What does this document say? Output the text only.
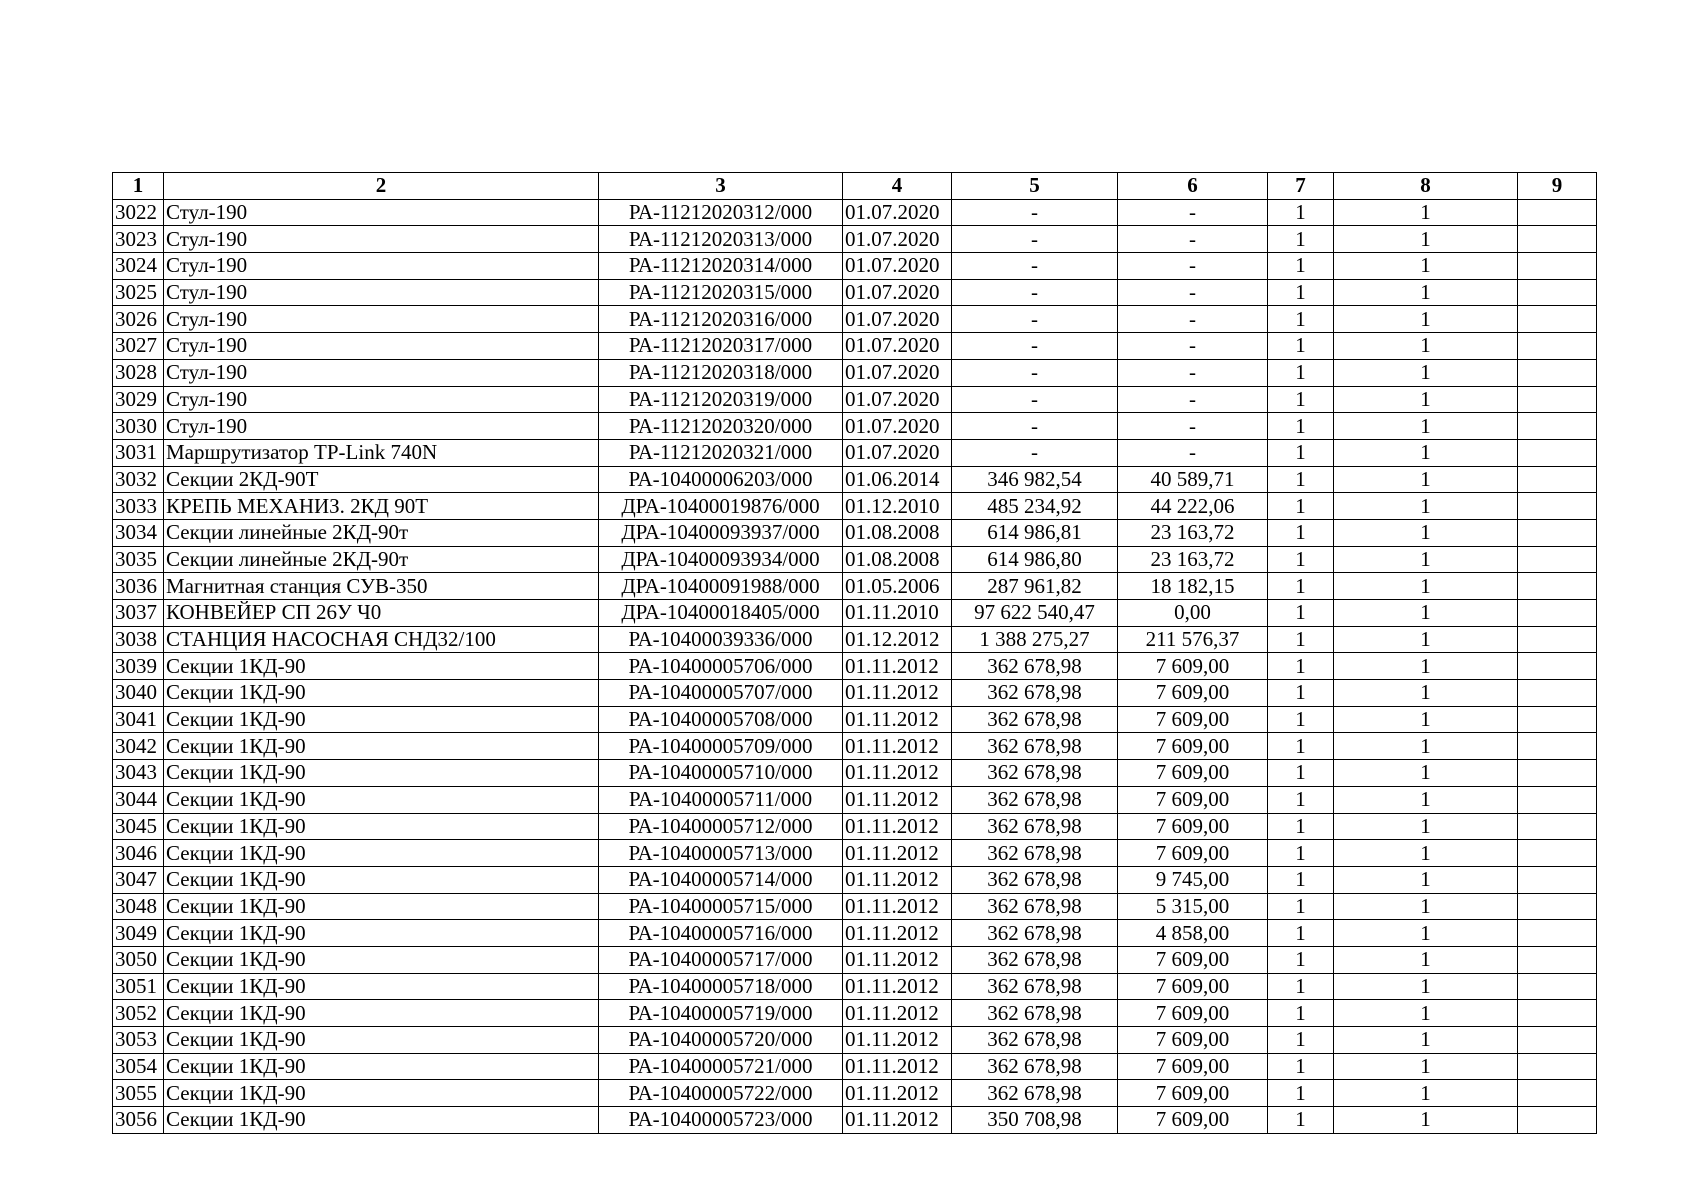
1	2	3	4	5	6	7	8	9
3022	Стул-190	РА-11212020312/000	01.07.2020	-	-	1	1	
3023	Стул-190	РА-11212020313/000	01.07.2020	-	-	1	1	
3024	Стул-190	РА-11212020314/000	01.07.2020	-	-	1	1	
3025	Стул-190	РА-11212020315/000	01.07.2020	-	-	1	1	
3026	Стул-190	РА-11212020316/000	01.07.2020	-	-	1	1	
3027	Стул-190	РА-11212020317/000	01.07.2020	-	-	1	1	
3028	Стул-190	РА-11212020318/000	01.07.2020	-	-	1	1	
3029	Стул-190	РА-11212020319/000	01.07.2020	-	-	1	1	
3030	Стул-190	РА-11212020320/000	01.07.2020	-	-	1	1	
3031	Маршрутизатор TP-Link 740N	РА-11212020321/000	01.07.2020	-	-	1	1	
3032	Секции 2КД-90Т	РА-10400006203/000	01.06.2014	346 982,54	40 589,71	1	1	
3033	КРЕПЬ МЕХАНИЗ. 2КД 90Т	ДРА-10400019876/000	01.12.2010	485 234,92	44 222,06	1	1	
3034	Секции линейные 2КД-90т	ДРА-10400093937/000	01.08.2008	614 986,81	23 163,72	1	1	
3035	Секции линейные 2КД-90т	ДРА-10400093934/000	01.08.2008	614 986,80	23 163,72	1	1	
3036	Магнитная станция СУВ-350	ДРА-10400091988/000	01.05.2006	287 961,82	18 182,15	1	1	
3037	КОНВЕЙЕР СП 26У Ч0	ДРА-10400018405/000	01.11.2010	97 622 540,47	0,00	1	1	
3038	СТАНЦИЯ НАСОСНАЯ СНД32/100	РА-10400039336/000	01.12.2012	1 388 275,27	211 576,37	1	1	
3039	Секции 1КД-90	РА-10400005706/000	01.11.2012	362 678,98	7 609,00	1	1	
3040	Секции 1КД-90	РА-10400005707/000	01.11.2012	362 678,98	7 609,00	1	1	
3041	Секции 1КД-90	РА-10400005708/000	01.11.2012	362 678,98	7 609,00	1	1	
3042	Секции 1КД-90	РА-10400005709/000	01.11.2012	362 678,98	7 609,00	1	1	
3043	Секции 1КД-90	РА-10400005710/000	01.11.2012	362 678,98	7 609,00	1	1	
3044	Секции 1КД-90	РА-10400005711/000	01.11.2012	362 678,98	7 609,00	1	1	
3045	Секции 1КД-90	РА-10400005712/000	01.11.2012	362 678,98	7 609,00	1	1	
3046	Секции 1КД-90	РА-10400005713/000	01.11.2012	362 678,98	7 609,00	1	1	
3047	Секции 1КД-90	РА-10400005714/000	01.11.2012	362 678,98	9 745,00	1	1	
3048	Секции 1КД-90	РА-10400005715/000	01.11.2012	362 678,98	5 315,00	1	1	
3049	Секции 1КД-90	РА-10400005716/000	01.11.2012	362 678,98	4 858,00	1	1	
3050	Секции 1КД-90	РА-10400005717/000	01.11.2012	362 678,98	7 609,00	1	1	
3051	Секции 1КД-90	РА-10400005718/000	01.11.2012	362 678,98	7 609,00	1	1	
3052	Секции 1КД-90	РА-10400005719/000	01.11.2012	362 678,98	7 609,00	1	1	
3053	Секции 1КД-90	РА-10400005720/000	01.11.2012	362 678,98	7 609,00	1	1	
3054	Секции 1КД-90	РА-10400005721/000	01.11.2012	362 678,98	7 609,00	1	1	
3055	Секции 1КД-90	РА-10400005722/000	01.11.2012	362 678,98	7 609,00	1	1	
3056	Секции 1КД-90	РА-10400005723/000	01.11.2012	350 708,98	7 609,00	1	1	
